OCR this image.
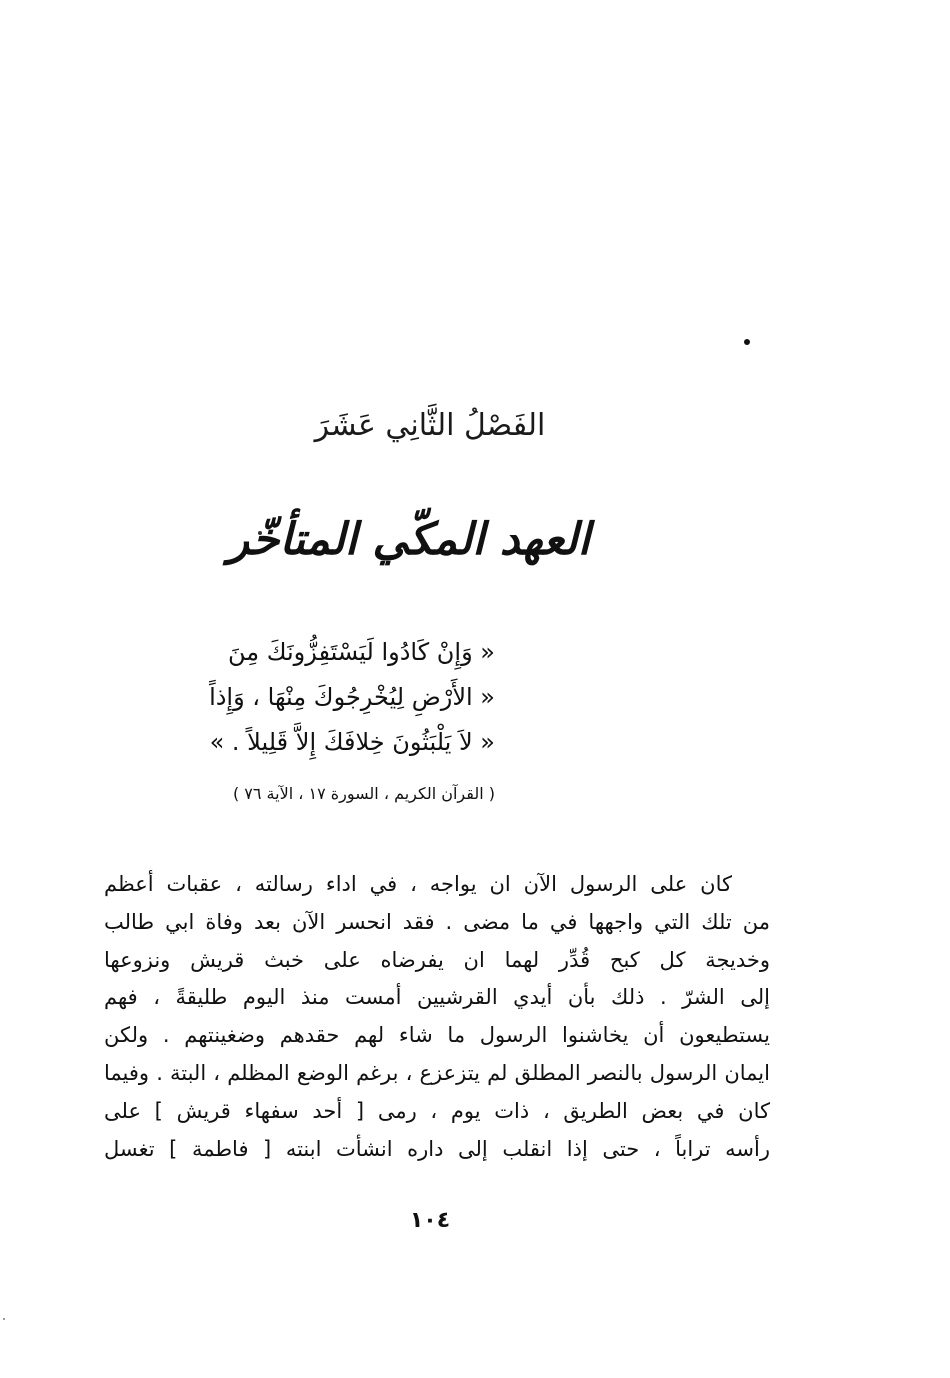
الفَصْلُ الثَّانِي عَشَرَ
العهد المكّي المتأخّر
« وَإِنْ كَادُوا لَيَسْتَفِزُّونَكَ مِنَ
« الأَرْضِ لِيُخْرِجُوكَ مِنْهَا ، وَإِذاً
« لاَ يَلْبَثُونَ خِلافَكَ إِلاَّ قَلِيلاً . »
( القرآن الكريم ، السورة ١٧ ، الآية ٧٦ )
كان على الرسول الآن ان يواجه ، في اداء رسالته ، عقبات أعظم
من تلك التي واجهها في ما مضى . فقد انحسر الآن بعد وفاة ابي طالب
وخديجة كل كبح قُدِّر لهما ان يفرضاه على خبث قريش ونزوعها
إلى الشرّ . ذلك بأن أيدي القرشيين أمست منذ اليوم طليقةً ، فهم
يستطيعون أن يخاشنوا الرسول ما شاء لهم حقدهم وضغينتهم . ولكن
ايمان الرسول بالنصر المطلق لم يتزعزع ، برغم الوضع المظلم ، البتة . وفيما
كان في بعض الطريق ، ذات يوم ، رمى [ أحد سفهاء قريش ] على
رأسه تراباً ، حتى إذا انقلب إلى داره انشأت ابنته [ فاطمة ] تغسل
١٠٤
